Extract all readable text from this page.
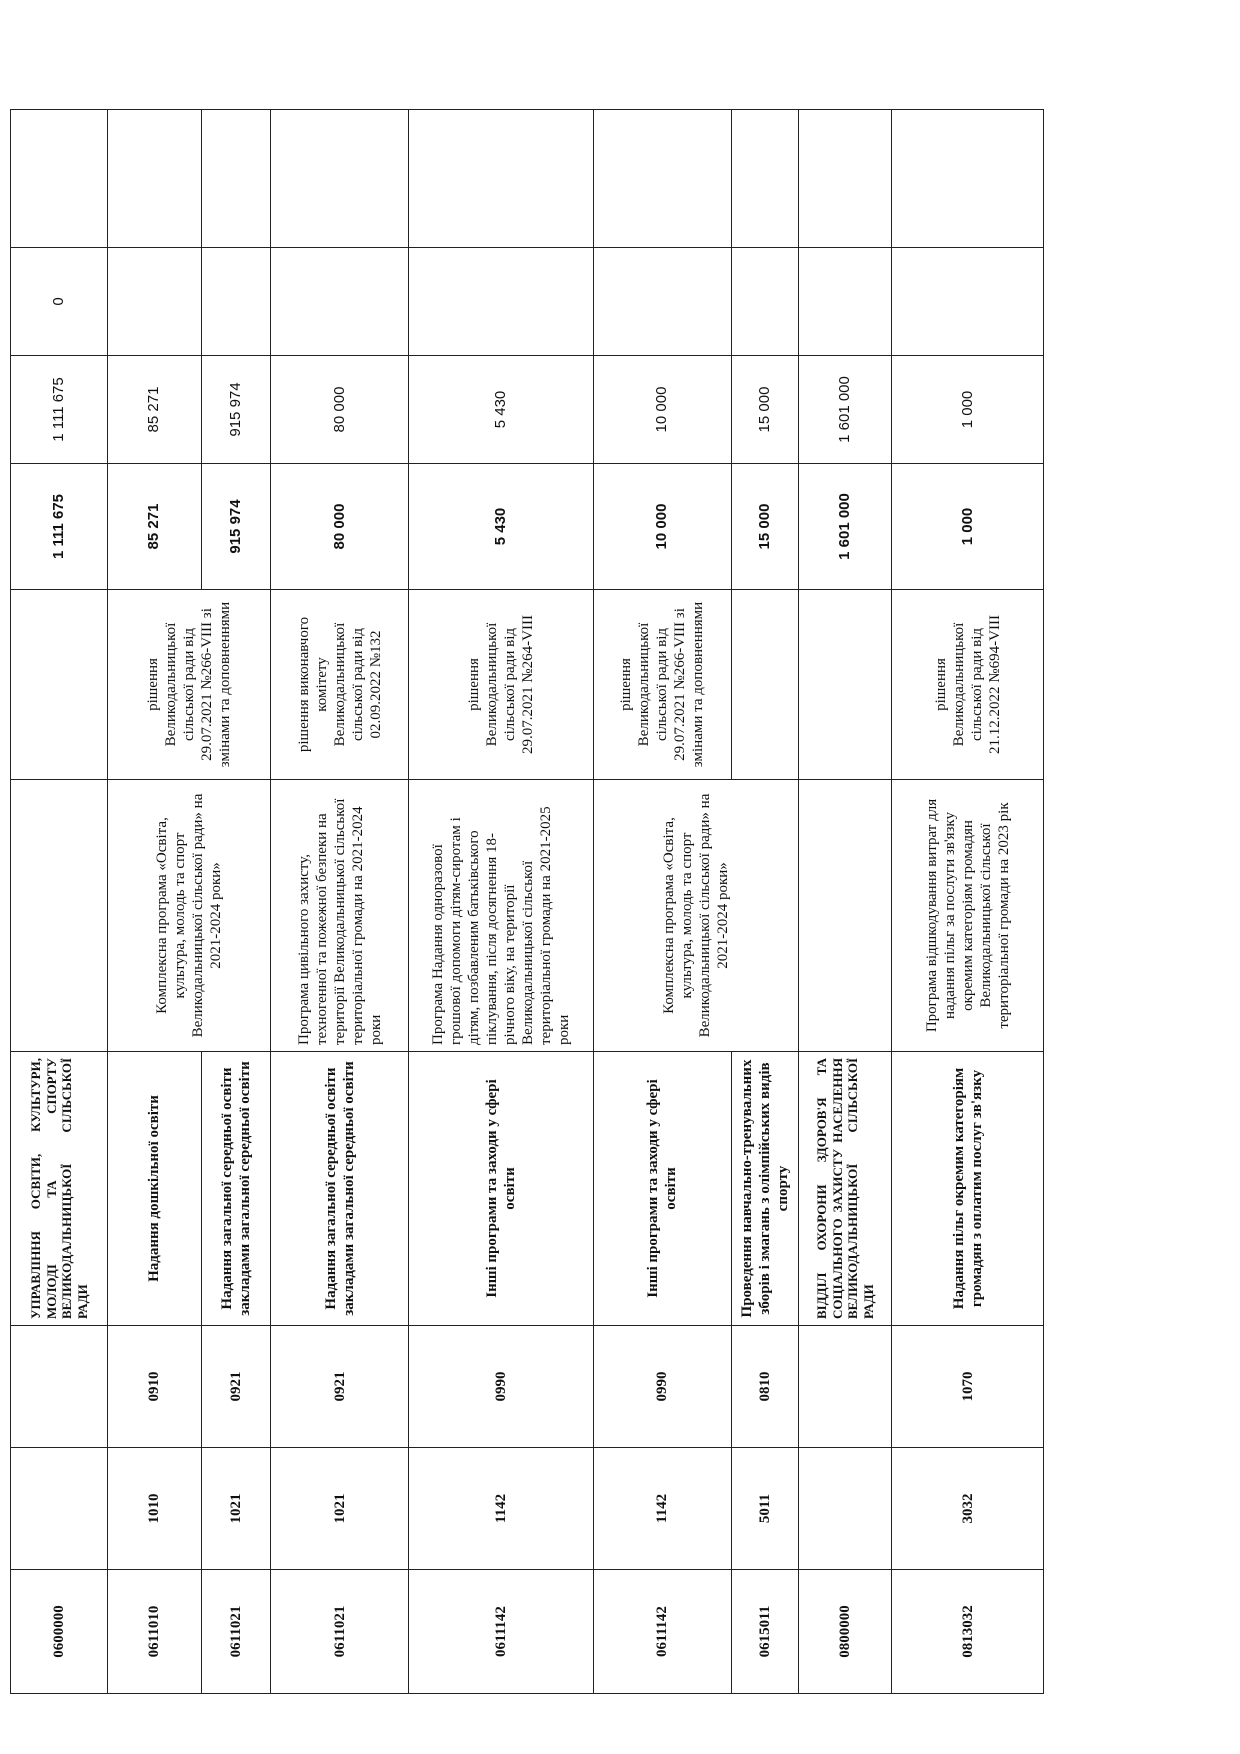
0600000			УПРАВЛІННЯ ОСВІТИ, КУЛЬТУРИ, МОЛОДІ ТА СПОРТУ ВЕЛИКОДАЛЬНИЦЬКОЇ СІЛЬСЬКОЇ РАДИ			1 111 675	1 111 675	0	
0611010	1010	0910	Надання дошкільної освіти	Комплексна програма «Освіта, культура, молодь та спорт Великодальницької сільської ради» на 2021-2024 роки»	рішення Великодальницької сільської ради від 29.07.2021 №266-VIII зі змінами та доповненнями	85 271	85 271		
0611021	1021	0921	Надання загальної середньої освіти закладами загальної середньої освіти			915 974	915 974		
0611021	1021	0921	Надання загальної середньої освіти закладами загальної середньої освіти	Програма цивільного захисту, техногенної та пожежної безпеки на території Великодальницької сільської територіальної громади на 2021-2024 роки	рішення виконавчого комітету Великодальницької сільської ради від 02.09.2022 №132	80 000	80 000		
0611142	1142	0990	Інші програми та заходи у сфері освіти	Програма Надання одноразової грошової допомоги дітям-сиротам і дітям, позбавленим батьківського піклування, після досягнення 18-річного віку, на території Великодальницької сільської територіальної громади на 2021-2025 роки	рішення Великодальницької сільської ради від 29.07.2021 №264-VIII	5 430	5 430		
0611142	1142	0990	Інші програми та заходи у сфері освіти	Комплексна програма «Освіта, культура, молодь та спорт Великодальницької сільської ради» на 2021-2024 роки»	рішення Великодальницької сільської ради від 29.07.2021 №266-VIII зі змінами та доповненнями	10 000	10 000		
0615011	5011	0810	Проведення навчально-тренувальних зборів і змагань з олімпійських видів спорту			15 000	15 000		
0800000			ВІДДІЛ ОХОРОНИ ЗДОРОВ'Я ТА СОЦІАЛЬНОГО ЗАХИСТУ НАСЕЛЕННЯ ВЕЛИКОДАЛЬНИЦЬКОЇ СІЛЬСЬКОЇ РАДИ			1 601 000	1 601 000		
0813032	3032	1070	Надання пільг окремим категоріям громадян з оплатим послуг зв'язку	Програма відшкодування витрат для надання пільг за послуги зв'язку окремим категоріям громадян Великодальницької сільської територіальної громади на 2023 рік	рішення Великодальницької сільської ради від 21.12.2022 №694-VIII	1 000	1 000		
